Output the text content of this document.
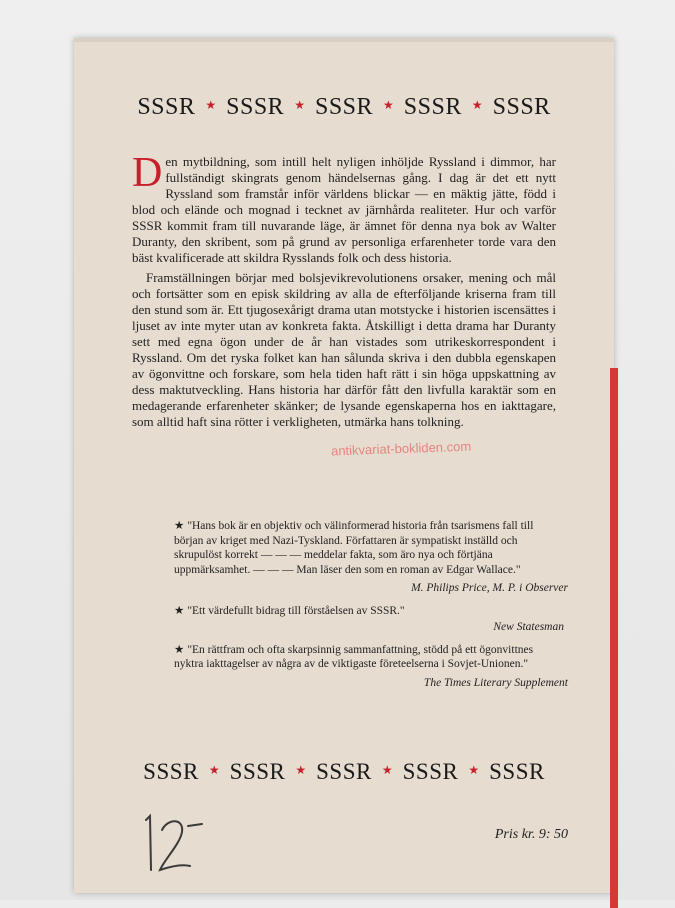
SSSR ★ SSSR ★ SSSR ★ SSSR ★ SSSR

Den mytbildning, som intill helt nyligen inhöljde Ryssland i dimmor, har fullständigt skingrats genom händelsernas gång. I dag är det ett nytt Ryssland som framstår inför världens blickar — en mäktig jätte, född i blod och elände och mognad i tecknet av järnhårda realiteter. Hur och varför SSSR kommit fram till nuvarande läge, är ämnet för denna nya bok av Walter Duranty, den skribent, som på grund av personliga erfarenheter torde vara den bäst kvalificerade att skildra Rysslands folk och dess historia.

Framställningen börjar med bolsjevikrevolutionens orsaker, mening och mål och fortsätter som en episk skildring av alla de efterföljande kriserna fram till den stund som är. Ett tjugosexårigt drama utan motstycke i historien iscensättes i ljuset av inte myter utan av konkreta fakta. Åtskilligt i detta drama har Duranty sett med egna ögon under de år han vistades som utrikeskorrespondent i Ryssland. Om det ryska folket kan han sålunda skriva i den dubbla egenskapen av ögonvittne och forskare, som hela tiden haft rätt i sin höga uppskattning av dess maktutveckling. Hans historia har därför fått den livfulla karaktär som en medagerande erfarenheter skänker; de lysande egenskaperna hos en iakttagare, som alltid haft sina rötter i verkligheten, utmärka hans tolkning.

antikvariat-bokliden.com
★ "Hans bok är en objektiv och välinformerad historia från tsarismens fall till början av kriget med Nazi-Tyskland. Författaren är sympatiskt inställd och skrupulöst korrekt — — — meddelar fakta, som äro nya och förtjäna uppmärksamhet. — — — Man läser den som en roman av Edgar Wallace."
M. Philips Price, M. P. i Observer
★ "Ett värdefullt bidrag till förståelsen av SSSR."
New Statesman
★ "En rättfram och ofta skarpsinnig sammanfattning, stödd på ett ögonvittnes nyktra iakttagelser av några av de viktigaste företeelserna i Sovjet-Unionen."
The Times Literary Supplement
SSSR ★ SSSR ★ SSSR ★ SSSR ★ SSSR
Pris kr. 9: 50
